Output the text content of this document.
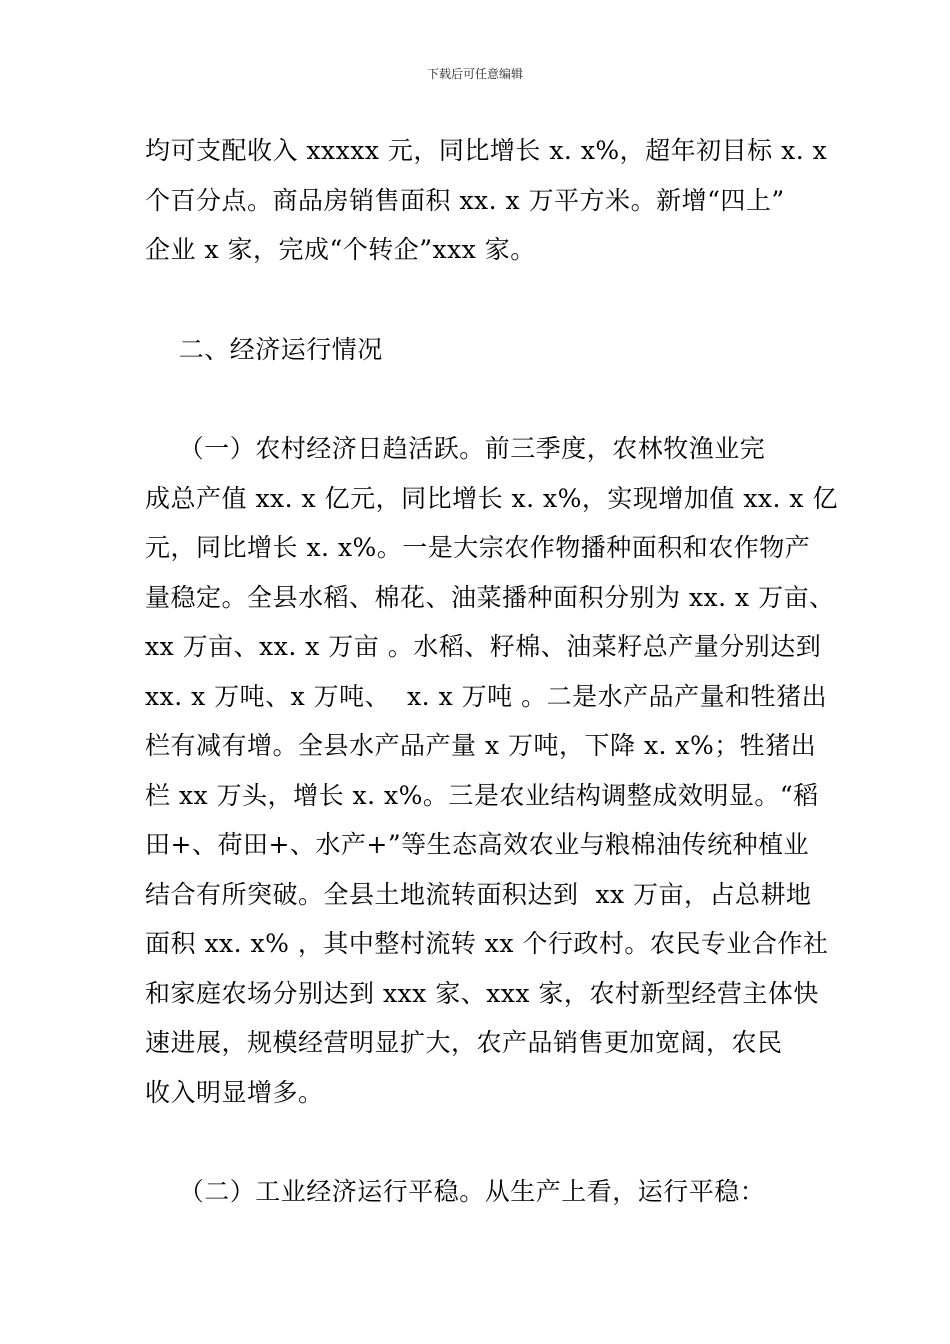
下载后可任意编辑
均可支配收入 xxxxx 元，同比增长 x. x%，超年初目标 x. x
个百分点。商品房销售面积 xx. x 万平方米。新增“四上”
企业 x 家，完成“个转企”xxx 家。
二、经济运行情况
（一）农村经济日趋活跃。前三季度，农林牧渔业完
成总产值 xx. x 亿元，同比增长 x. x%，实现增加值 xx. x 亿
元，同比增长 x. x%。一是大宗农作物播种面积和农作物产
量稳定。全县水稻、棉花、油菜播种面积分别为 xx. x 万亩、
xx 万亩、xx. x 万亩 。水稻、籽棉、油菜籽总产量分别达到
xx. x 万吨、x 万吨、  x. x 万吨 。二是水产品产量和牲猪出
栏有减有增。全县水产品产量 x 万吨，下降 x. x%；牲猪出
栏 xx 万头，增长 x. x%。三是农业结构调整成效明显。“稻
田+、荷田+、水产+”等生态高效农业与粮棉油传统种植业
结合有所突破。全县土地流转面积达到  xx 万亩，占总耕地
面积 xx. x% ，其中整村流转 xx 个行政村。农民专业合作社
和家庭农场分别达到 xxx 家、xxx 家，农村新型经营主体快
速进展，规模经营明显扩大，农产品销售更加宽阔，农民
收入明显增多。
（二）工业经济运行平稳。从生产上看，运行平稳：
